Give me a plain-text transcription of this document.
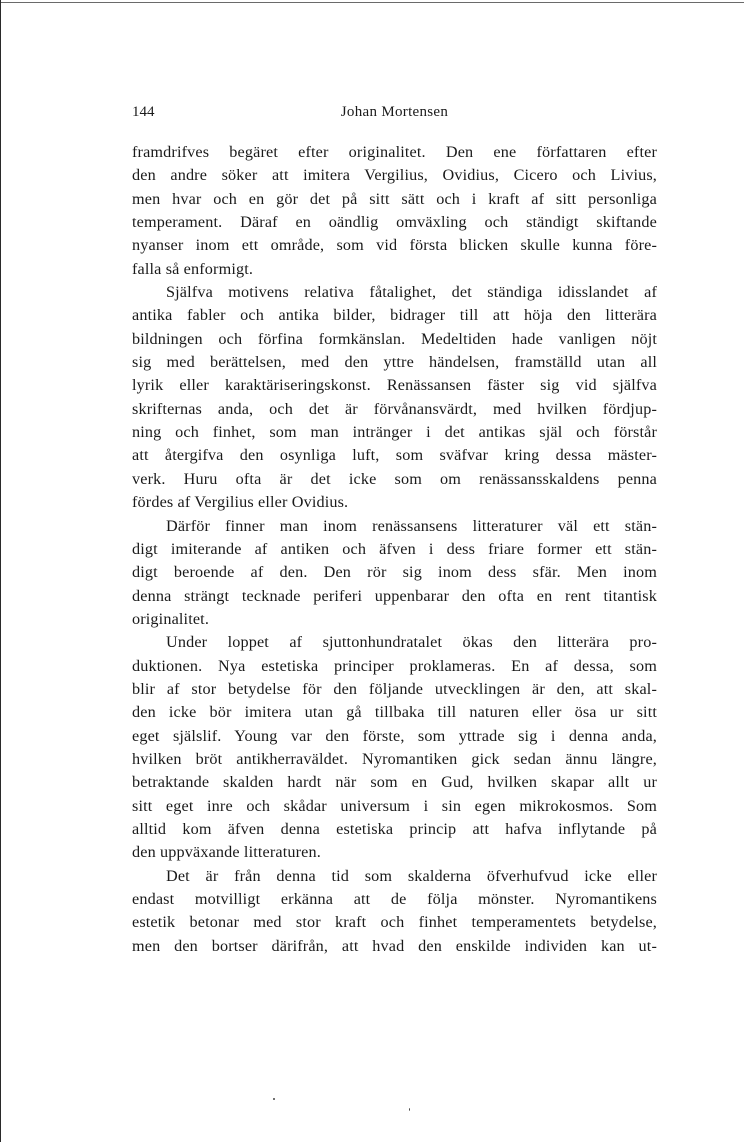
144	Johan Mortensen
framdrifves begäret efter originalitet. Den ene författaren efter
den andre söker att imitera Vergilius, Ovidius, Cicero och Livius,
men hvar och en gör det på sitt sätt och i kraft af sitt personliga
temperament. Däraf en oändlig omväxling och ständigt skiftande
nyanser inom ett område, som vid första blicken skulle kunna före-
falla så enformigt.
Själfva motivens relativa fåtalighet, det ständiga idisslandet af
antika fabler och antika bilder, bidrager till att höja den litterära
bildningen och förfina formkänslan. Medeltiden hade vanligen nöjt
sig med berättelsen, med den yttre händelsen, framställd utan all
lyrik eller karaktäriseringskonst. Renässansen fäster sig vid själfva
skrifternas anda, och det är förvånansvärdt, med hvilken fördjup-
ning och finhet, som man intränger i det antikas själ och förstår
att återgifva den osynliga luft, som sväfvar kring dessa mäster-
verk. Huru ofta är det icke som om renässansskaldens penna
fördes af Vergilius eller Ovidius.
Därför finner man inom renässansens litteraturer väl ett stän-
digt imiterande af antiken och äfven i dess friare former ett stän-
digt beroende af den. Den rör sig inom dess sfär. Men inom
denna strängt tecknade periferi uppenbarar den ofta en rent titantisk
originalitet.
Under loppet af sjuttonhundratalet ökas den litterära pro-
duktionen. Nya estetiska principer proklameras. En af dessa, som
blir af stor betydelse för den följande utvecklingen är den, att skal-
den icke bör imitera utan gå tillbaka till naturen eller ösa ur sitt
eget själslif. Young var den förste, som yttrade sig i denna anda,
hvilken bröt antikherraväldet. Nyromantiken gick sedan ännu längre,
betraktande skalden hardt när som en Gud, hvilken skapar allt ur
sitt eget inre och skådar universum i sin egen mikrokosmos. Som
alltid kom äfven denna estetiska princip att hafva inflytande på
den uppväxande litteraturen.
Det är från denna tid som skalderna öfverhufvud icke eller
endast motvilligt erkänna att de följa mönster. Nyromantikens
estetik betonar med stor kraft och finhet temperamentets betydelse,
men den bortser därifrån, att hvad den enskilde individen kan ut-
